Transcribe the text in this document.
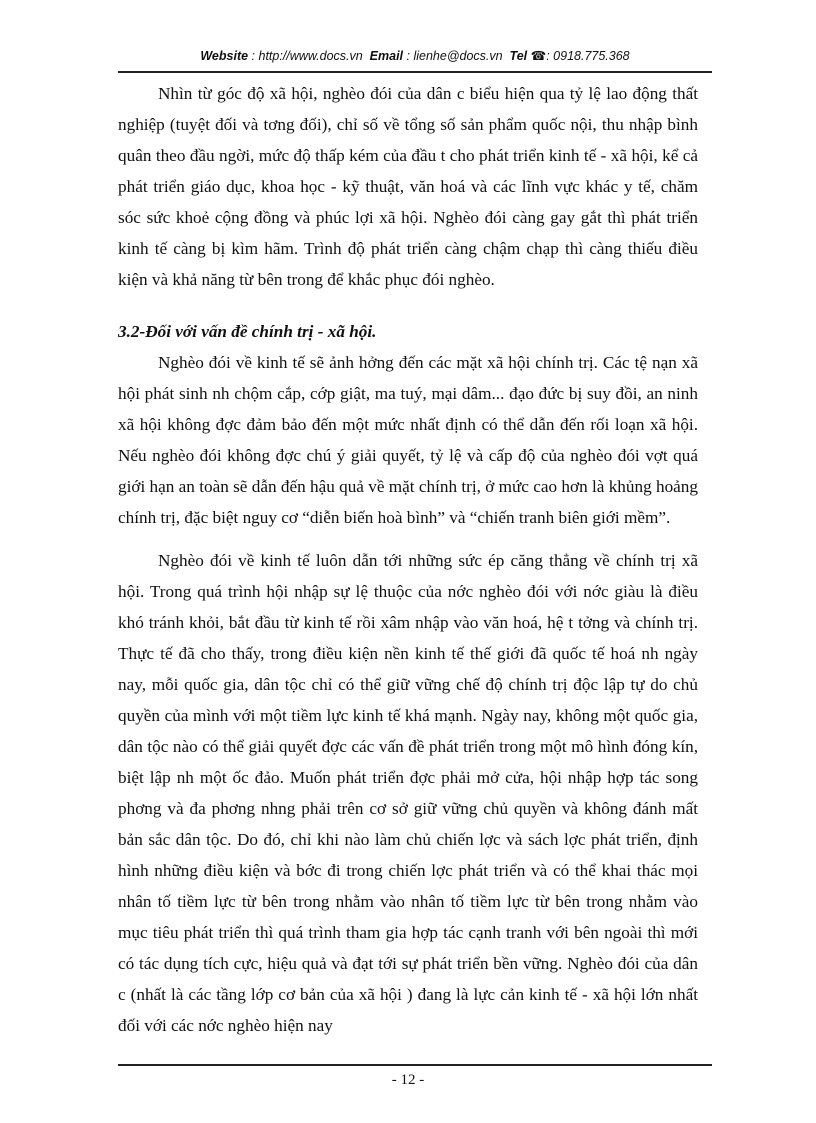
Website : http://www.docs.vn Email : lienhe@docs.vn Tel ☎: 0918.775.368

Nhìn từ góc độ xã hội, nghèo đói của dân c biểu hiện qua tỷ lệ lao động thất nghiệp (tuyệt đối và tơng đối), chỉ số về tổng số sản phẩm quốc nội, thu nhập bình quân theo đầu ngời, mức độ thấp kém của đầu t cho phát triển kinh tế - xã hội, kể cả phát triển giáo dục, khoa học - kỹ thuật, văn hoá và các lĩnh vực khác y tế, chăm sóc sức khoẻ cộng đồng và phúc lợi xã hội. Nghèo đói càng gay gắt thì phát triển kinh tế càng bị kìm hãm. Trình độ phát triển càng chậm chạp thì càng thiếu điều kiện và khả năng từ bên trong để khắc phục đói nghèo.

3.2-Đối với vấn đề chính trị - xã hội.

Nghèo đói về kinh tế sẽ ảnh hởng đến các mặt xã hội chính trị. Các tệ nạn xã hội phát sinh nh chộm cắp, cớp giật, ma tuý, mại dâm... đạo đức bị suy đồi, an ninh xã hội không đợc đảm bảo đến một mức nhất định có thể dẫn đến rối loạn xã hội. Nếu nghèo đói không đợc chú ý giải quyết, tỷ lệ và cấp độ của nghèo đói vợt quá giới hạn an toàn sẽ dẫn đến hậu quả về mặt chính trị, ở mức cao hơn là khủng hoảng chính trị, đặc biệt nguy cơ “diễn biến hoà bình” và “chiến tranh biên giới mềm”.

Nghèo đói về kinh tế luôn dẫn tới những sức ép căng thẳng về chính trị xã hội. Trong quá trình hội nhập sự lệ thuộc của nớc nghèo đói với nớc giàu là điều khó tránh khỏi, bắt đầu từ kinh tế rồi xâm nhập vào văn hoá, hệ t tởng và chính trị. Thực tế đã cho thấy, trong điều kiện nền kinh tế thế giới đã quốc tế hoá nh ngày nay, mỗi quốc gia, dân tộc chỉ có thể giữ vững chế độ chính trị độc lập tự do chủ quyền của mình với một tiềm lực kinh tế khá mạnh. Ngày nay, không một quốc gia, dân tộc nào có thể giải quyết đợc các vấn đề phát triển trong một mô hình đóng kín, biệt lập nh một ốc đảo. Muốn phát triển đợc phải mở cửa, hội nhập hợp tác song phơng và đa phơng nhng phải trên cơ sở giữ vững chủ quyền và không đánh mất bản sắc dân tộc. Do đó, chỉ khi nào làm chủ chiến lợc và sách lợc phát triển, định hình những điều kiện và bớc đi trong chiến lợc phát triển và có thể khai thác mọi nhân tố tiềm lực từ bên trong nhằm vào nhân tố tiềm lực từ bên trong nhằm vào mục tiêu phát triển thì quá trình tham gia hợp tác cạnh tranh với bên ngoài thì mới có tác dụng tích cực, hiệu quả và đạt tới sự phát triển bền vững. Nghèo đói của dân c (nhất là các tầng lớp cơ bản của xã hội ) đang là lực cản kinh tế - xã hội lớn nhất đối với các nớc nghèo hiện nay

- 12 -
